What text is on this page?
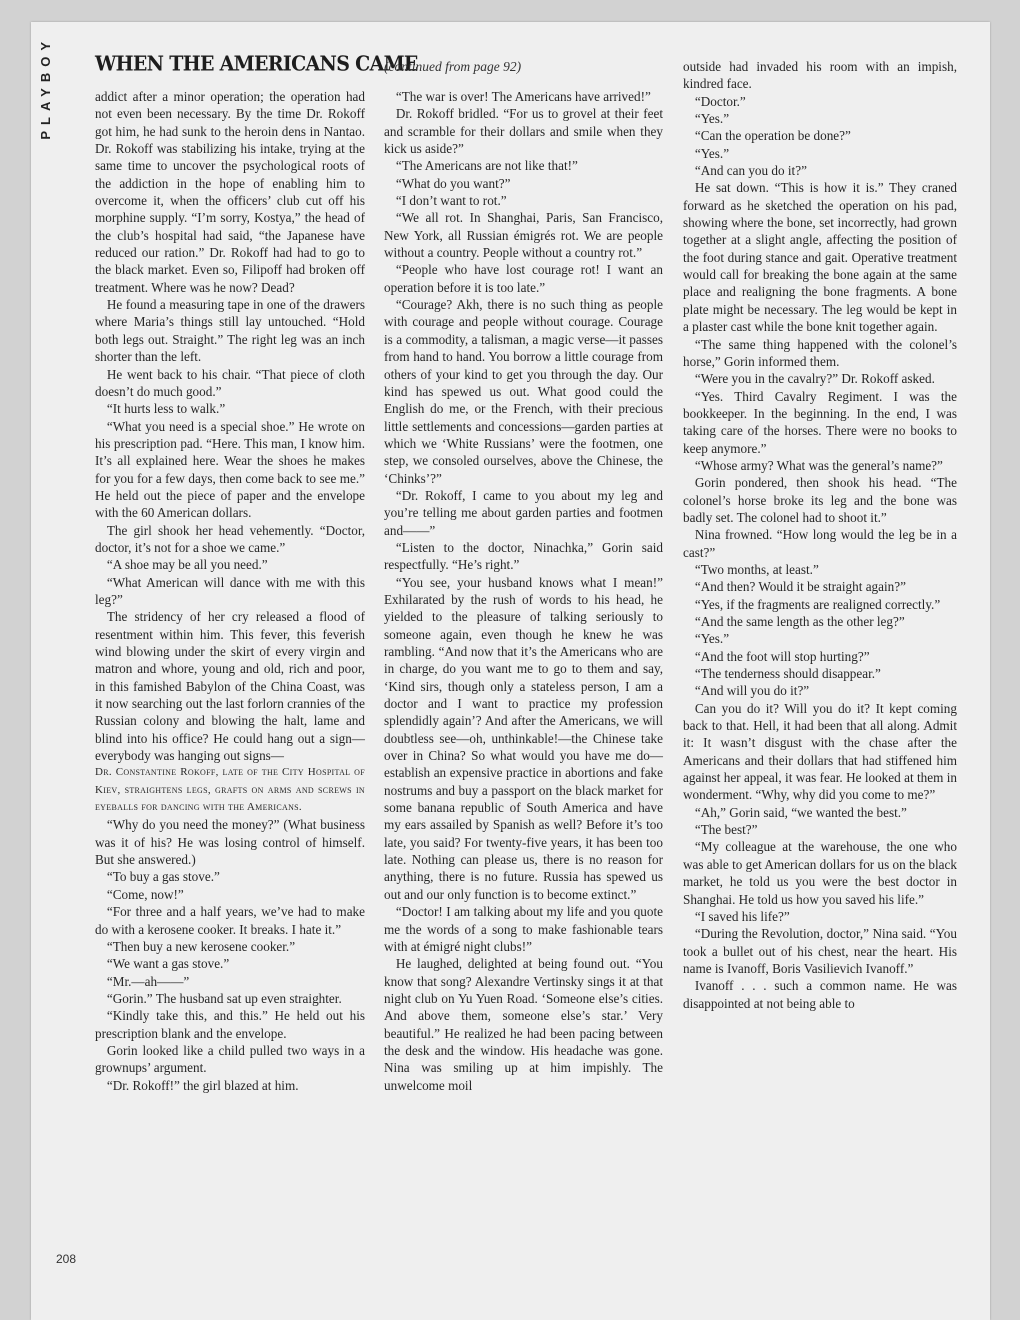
PLAYBOY WHEN THE AMERICANS CAME
(continued from page 92)

addict after a minor operation; the operation had not even been necessary. By the time Dr. Rokoff got him, he had sunk to the heroin dens in Nantao. Dr. Rokoff was stabilizing his intake, trying at the same time to uncover the psychological roots of the addiction in the hope of enabling him to overcome it, when the officers’ club cut off his morphine supply. “I’m sorry, Kostya,” the head of the club’s hospital had said, “the Japanese have reduced our ration.” Dr. Rokoff had had to go to the black market. Even so, Filipoff had broken off treatment. Where was he now? Dead?

He found a measuring tape in one of the drawers where Maria’s things still lay untouched. “Hold both legs out. Straight.” The right leg was an inch shorter than the left.

He went back to his chair. “That piece of cloth doesn’t do much good.”

“It hurts less to walk.”

“What you need is a special shoe.” He wrote on his prescription pad. “Here. This man, I know him. It’s all explained here. Wear the shoes he makes for you for a few days, then come back to see me.” He held out the piece of paper and the envelope with the 60 American dollars.

The girl shook her head vehemently. “Doctor, doctor, it’s not for a shoe we came.”

“A shoe may be all you need.”

“What American will dance with me with this leg?”

The stridency of her cry released a flood of resentment within him. This fever, this feverish wind blowing under the skirt of every virgin and matron and whore, young and old, rich and poor, in this famished Babylon of the China Coast, was it now searching out the last forlorn crannies of the Russian colony and blowing the halt, lame and blind into his office? He could hang out a sign—everybody was hanging out signs—

Dr. Constantine Rokoff, late of the City Hospital of Kiev, straightens legs, grafts on arms and screws in eyeballs for dancing with the Americans.

“Why do you need the money?” (What business was it of his? He was losing control of himself. But she answered.)

“To buy a gas stove.”

“Come, now!”

“For three and a half years, we’ve had to make do with a kerosene cooker. It breaks. I hate it.”

“Then buy a new kerosene cooker.”

“We want a gas stove.”

“Mr.—ah——”

“Gorin.” The husband sat up even straighter.

“Kindly take this, and this.” He held out his prescription blank and the envelope.

Gorin looked like a child pulled two ways in a grownups’ argument.

“Dr. Rokoff!” the girl blazed at him.

“The war is over! The Americans have arrived!”

Dr. Rokoff bridled. “For us to grovel at their feet and scramble for their dollars and smile when they kick us aside?”

“The Americans are not like that!”

“What do you want?”

“I don’t want to rot.”

“We all rot. In Shanghai, Paris, San Francisco, New York, all Russian émigrés rot. We are people without a country. People without a country rot.”

“People who have lost courage rot! I want an operation before it is too late.”

“Courage? Akh, there is no such thing as people with courage and people without courage. Courage is a commodity, a talisman, a magic verse—it passes from hand to hand. You borrow a little courage from others of your kind to get you through the day. Our kind has spewed us out. What good could the English do me, or the French, with their precious little settlements and concessions—garden parties at which we ‘White Russians’ were the footmen, one step, we consoled ourselves, above the Chinese, the ‘Chinks’?”

“Dr. Rokoff, I came to you about my leg and you’re telling me about garden parties and footmen and——”

“Listen to the doctor, Ninachka,” Gorin said respectfully. “He’s right.”

“You see, your husband knows what I mean!” Exhilarated by the rush of words to his head, he yielded to the pleasure of talking seriously to someone again, even though he knew he was rambling. “And now that it’s the Americans who are in charge, do you want me to go to them and say, ‘Kind sirs, though only a stateless person, I am a doctor and I want to practice my profession splendidly again’? And after the Americans, we will doubtless see—oh, unthinkable!—the Chinese take over in China? So what would you have me do—establish an expensive practice in abortions and fake nostrums and buy a passport on the black market for some banana republic of South America and have my ears assailed by Spanish as well? Before it’s too late, you said? For twenty-five years, it has been too late. Nothing can please us, there is no reason for anything, there is no future. Russia has spewed us out and our only function is to become extinct.”

“Doctor! I am talking about my life and you quote me the words of a song to make fashionable tears with at émigré night clubs!”

He laughed, delighted at being found out. “You know that song? Alexandre Vertinsky sings it at that night club on Yu Yuen Road. ‘Someone else’s cities. And above them, someone else’s star.’ Very beautiful.” He realized he had been pacing between the desk and the window. His headache was gone. Nina was smiling up at him impishly. The unwelcome moil

outside had invaded his room with an impish, kindred face.

“Doctor.”

“Yes.”

“Can the operation be done?”

“Yes.”

“And can you do it?”

He sat down. “This is how it is.” They craned forward as he sketched the operation on his pad, showing where the bone, set incorrectly, had grown together at a slight angle, affecting the position of the foot during stance and gait. Operative treatment would call for breaking the bone again at the same place and realigning the bone fragments. A bone plate might be necessary. The leg would be kept in a plaster cast while the bone knit together again.

“The same thing happened with the colonel’s horse,” Gorin informed them.

“Were you in the cavalry?” Dr. Rokoff asked.

“Yes. Third Cavalry Regiment. I was the bookkeeper. In the beginning. In the end, I was taking care of the horses. There were no books to keep anymore.”

“Whose army? What was the general’s name?”

Gorin pondered, then shook his head. “The colonel’s horse broke its leg and the bone was badly set. The colonel had to shoot it.”

Nina frowned. “How long would the leg be in a cast?”

“Two months, at least.”

“And then? Would it be straight again?”

“Yes, if the fragments are realigned correctly.”

“And the same length as the other leg?”

“Yes.”

“And the foot will stop hurting?”

“The tenderness should disappear.”

“And will you do it?”

Can you do it? Will you do it? It kept coming back to that. Hell, it had been that all along. Admit it: It wasn’t disgust with the chase after the Americans and their dollars that had stiffened him against her appeal, it was fear. He looked at them in wonderment. “Why, why did you come to me?”

“Ah,” Gorin said, “we wanted the best.”

“The best?”

“My colleague at the warehouse, the one who was able to get American dollars for us on the black market, he told us you were the best doctor in Shanghai. He told us how you saved his life.”

“I saved his life?”

“During the Revolution, doctor,” Nina said. “You took a bullet out of his chest, near the heart. His name is Ivanoff, Boris Vasilievich Ivanoff.”

Ivanoff . . . such a common name. He was disappointed at not being able to

208
